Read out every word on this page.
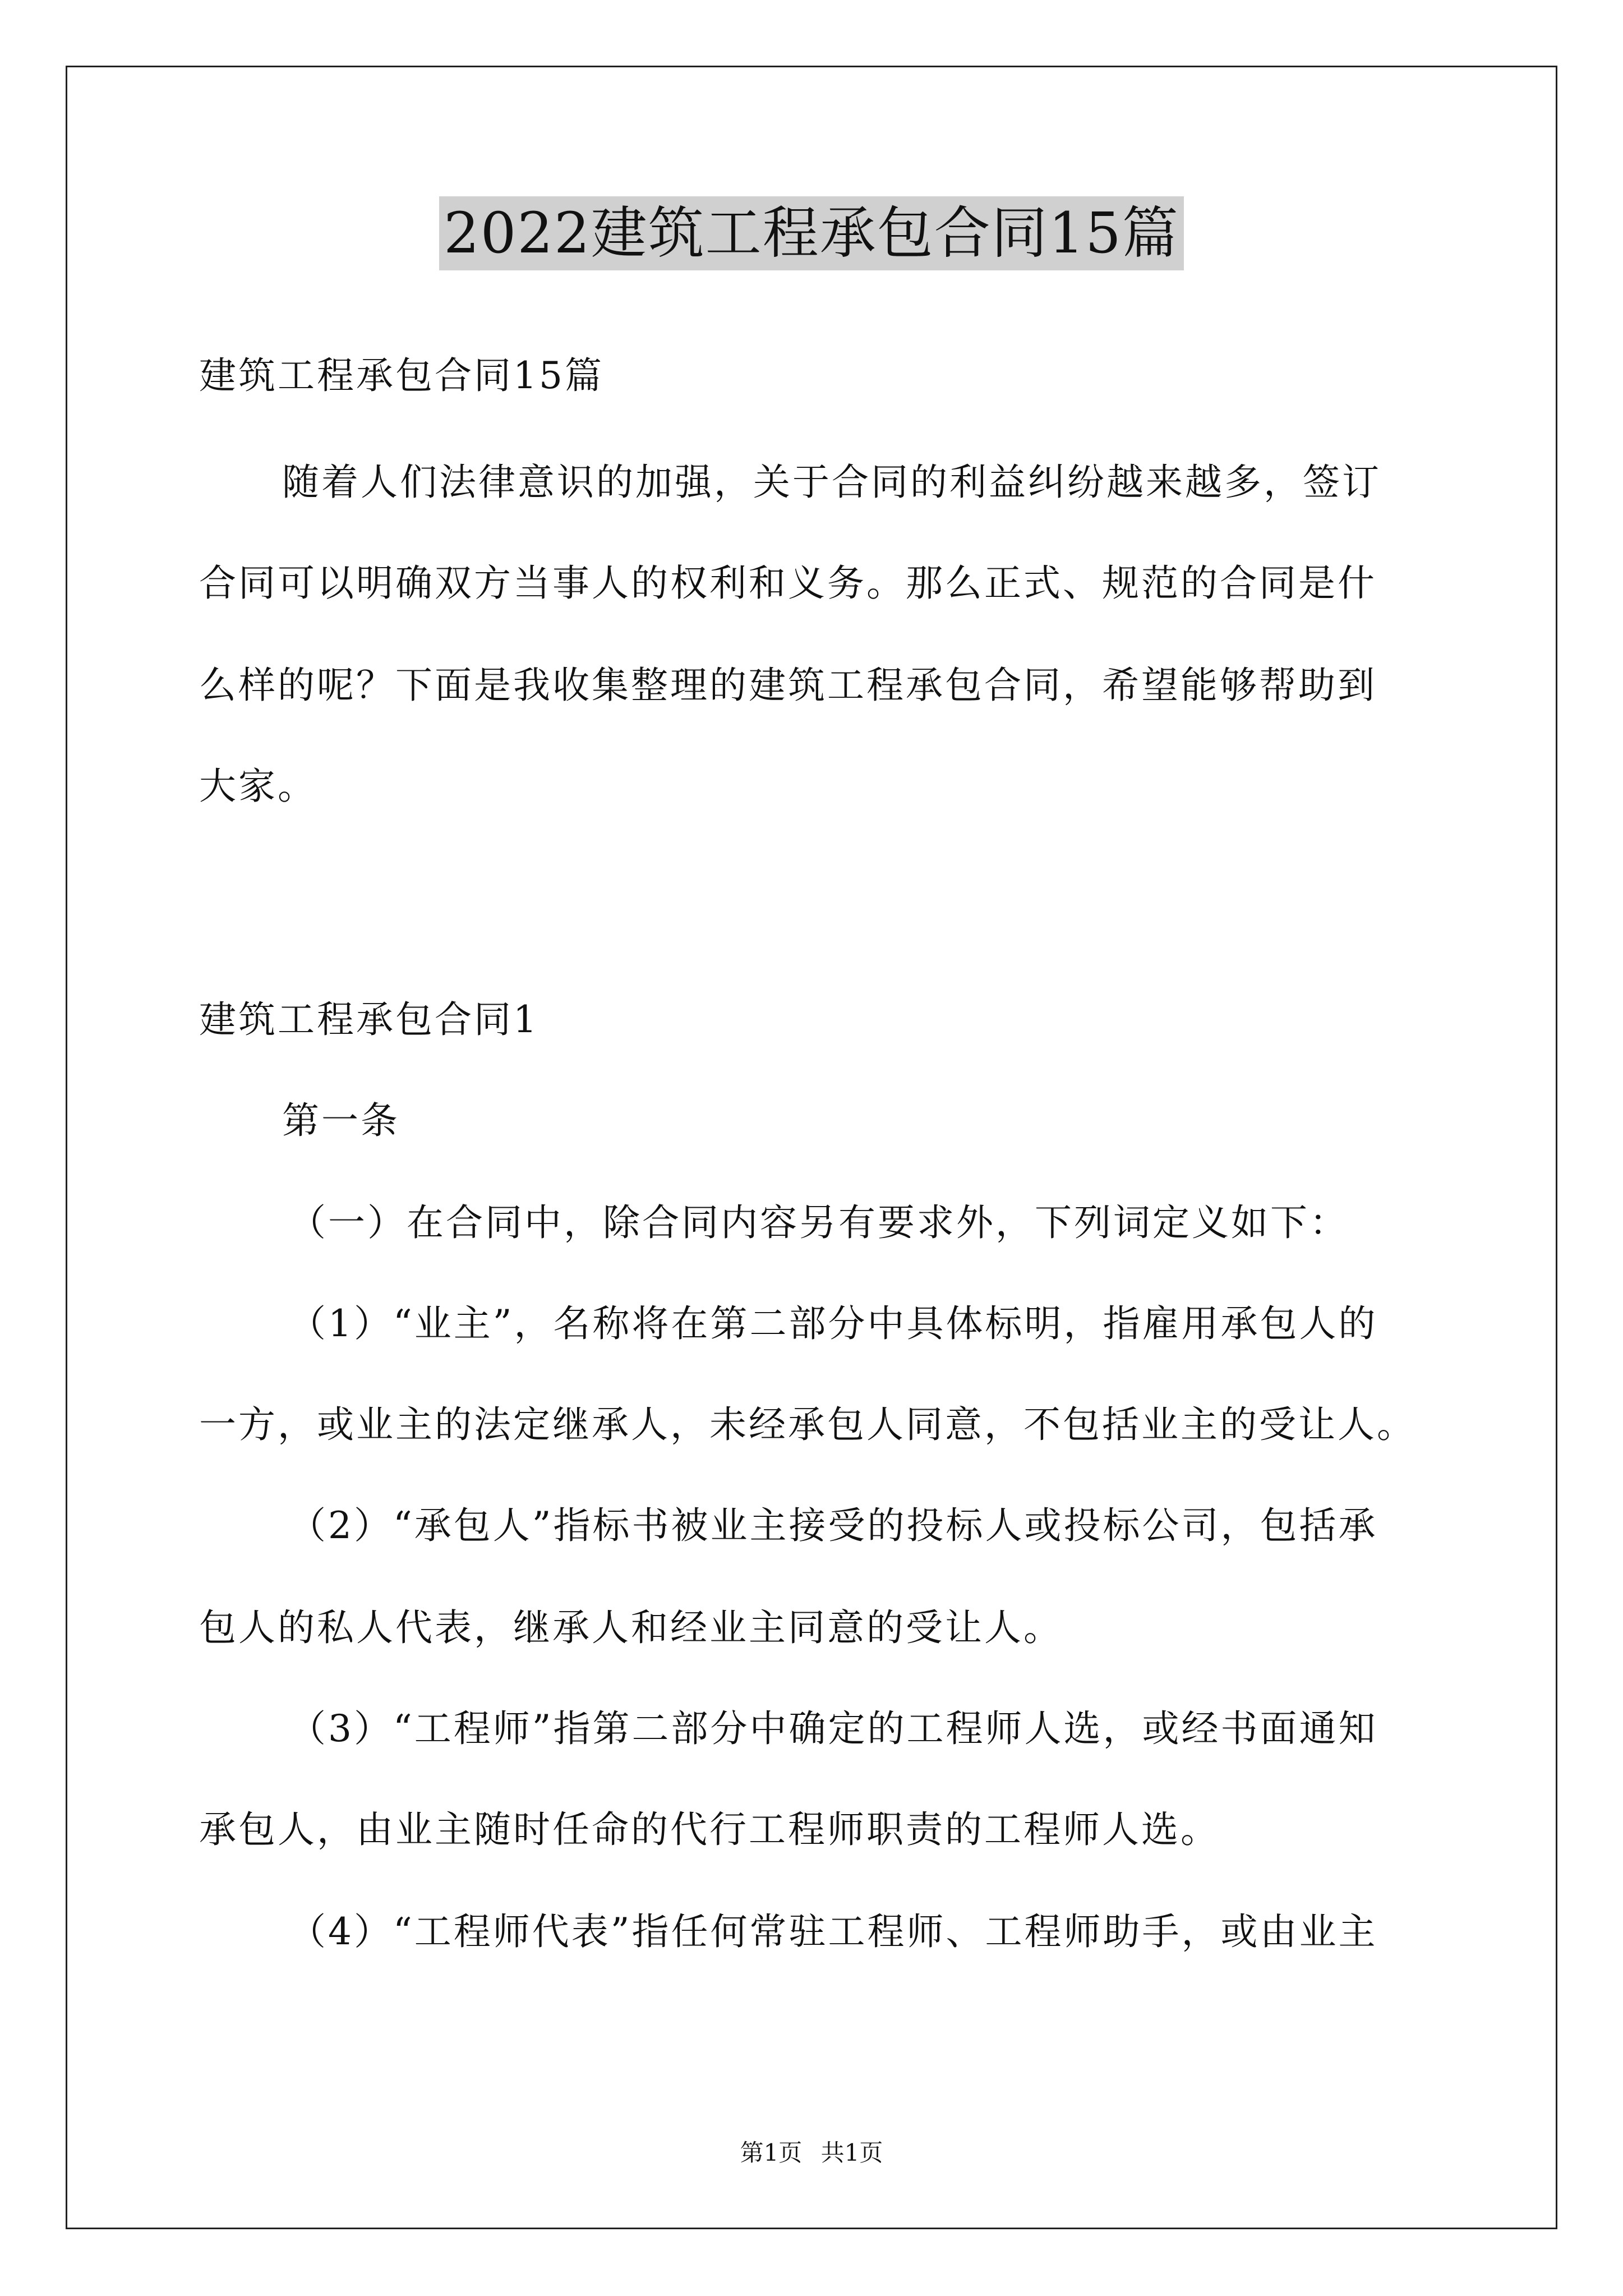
2022建筑工程承包合同15篇
建筑工程承包合同15篇
随着人们法律意识的加强，关于合同的利益纠纷越来越多，签订
合同可以明确双方当事人的权利和义务。那么正式、规范的合同是什
么样的呢？下面是我收集整理的建筑工程承包合同，希望能够帮助到
大家。
建筑工程承包合同1
第一条
（一）在合同中，除合同内容另有要求外，下列词定义如下：
（1）“业主”，名称将在第二部分中具体标明，指雇用承包人的
一方，或业主的法定继承人，未经承包人同意，不包括业主的受让人。
（2）“承包人”指标书被业主接受的投标人或投标公司，包括承
包人的私人代表，继承人和经业主同意的受让人。
（3）“工程师”指第二部分中确定的工程师人选，或经书面通知
承包人，由业主随时任命的代行工程师职责的工程师人选。
（4）“工程师代表”指任何常驻工程师、工程师助手，或由业主
第1页 共1页
